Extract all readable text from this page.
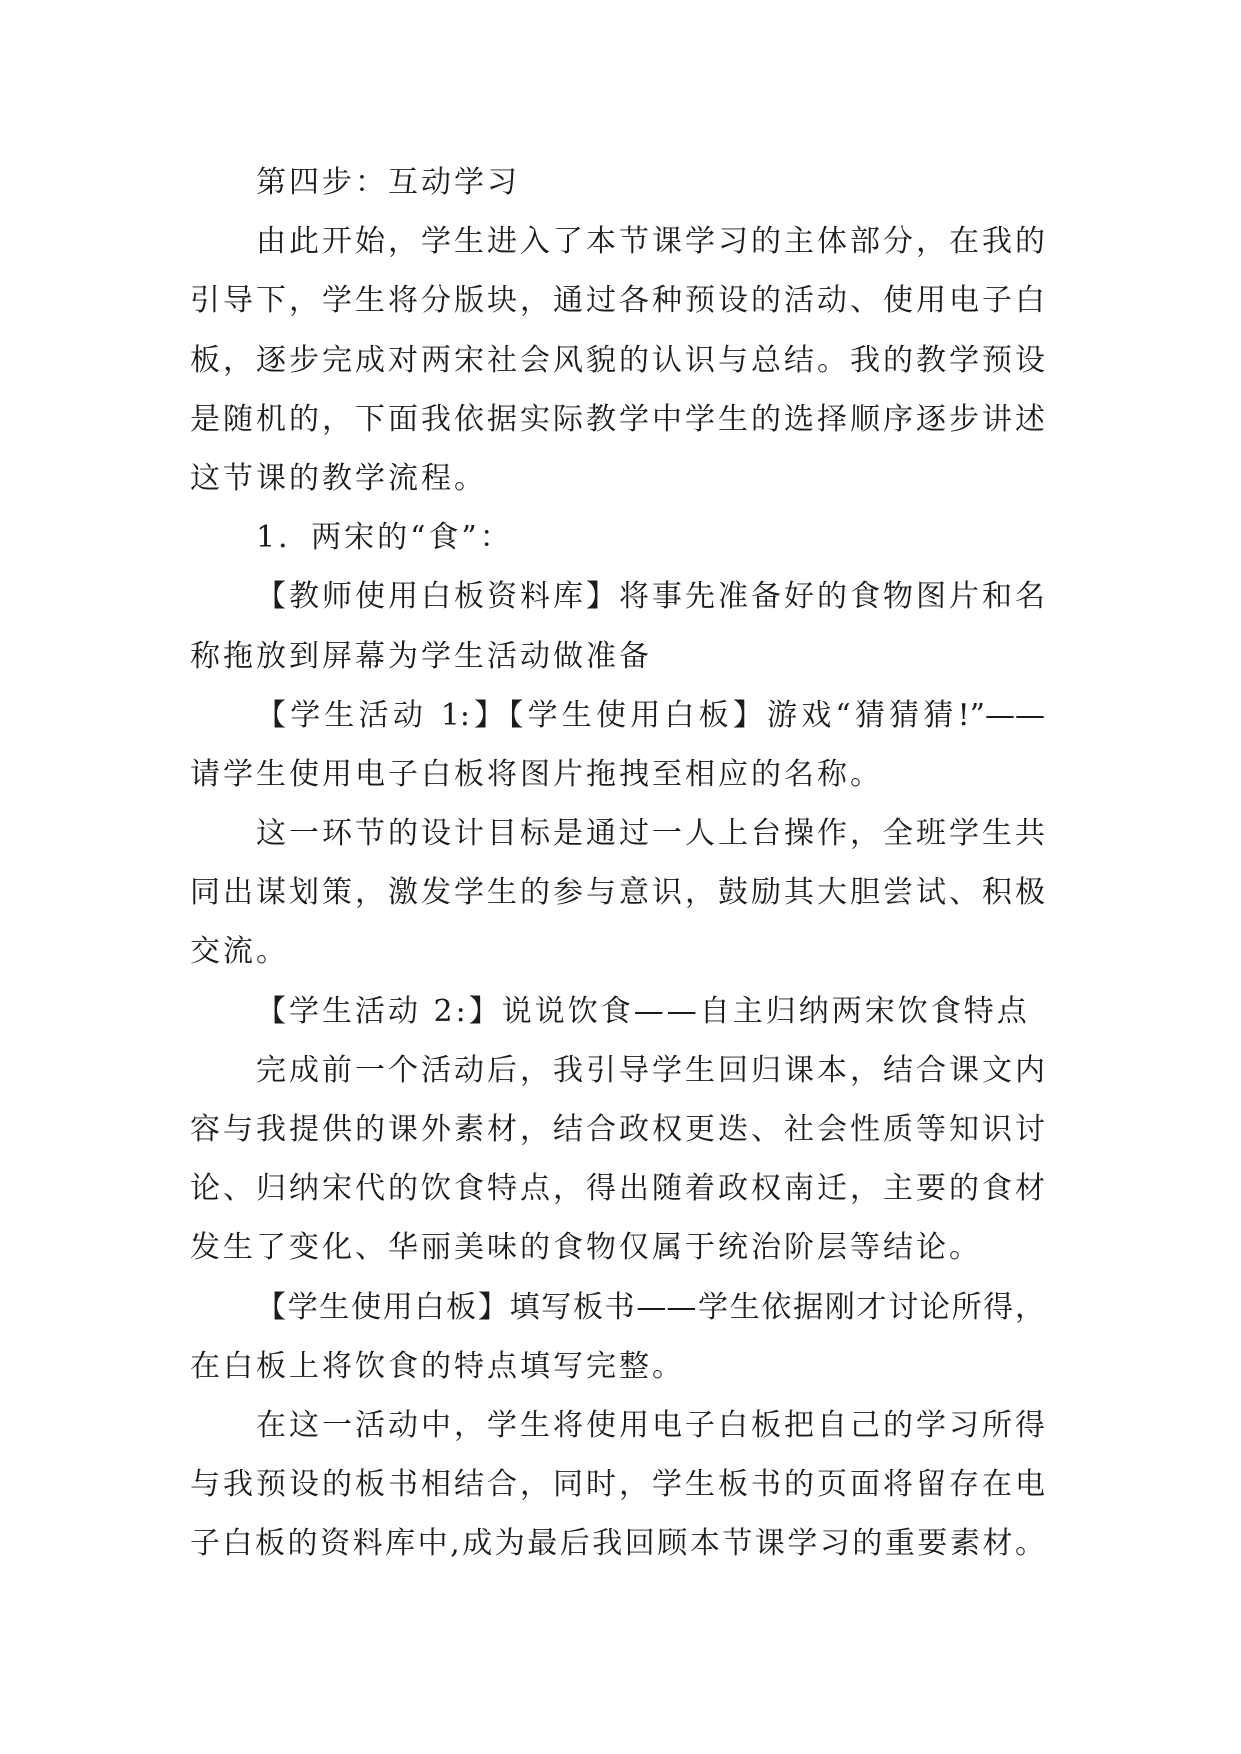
第四步：互动学习
由此开始，学生进入了本节课学习的主体部分，在我的
引导下，学生将分版块，通过各种预设的活动、使用电子白
板，逐步完成对两宋社会风貌的认识与总结。我的教学预设
是随机的，下面我依据实际教学中学生的选择顺序逐步讲述
这节课的教学流程。
1．两宋的“食”：
【教师使用白板资料库】将事先准备好的食物图片和名
称拖放到屏幕为学生活动做准备
【学生活动 1:】【学生使用白板】游戏“猜猜猜!”——
请学生使用电子白板将图片拖拽至相应的名称。
这一环节的设计目标是通过一人上台操作，全班学生共
同出谋划策，激发学生的参与意识，鼓励其大胆尝试、积极
交流。
【学生活动 2:】说说饮食——自主归纳两宋饮食特点
完成前一个活动后，我引导学生回归课本，结合课文内
容与我提供的课外素材，结合政权更迭、社会性质等知识讨
论、归纳宋代的饮食特点，得出随着政权南迁，主要的食材
发生了变化、华丽美味的食物仅属于统治阶层等结论。
【学生使用白板】填写板书——学生依据刚才讨论所得，
在白板上将饮食的特点填写完整。
在这一活动中，学生将使用电子白板把自己的学习所得
与我预设的板书相结合，同时，学生板书的页面将留存在电
子白板的资料库中,成为最后我回顾本节课学习的重要素材。
